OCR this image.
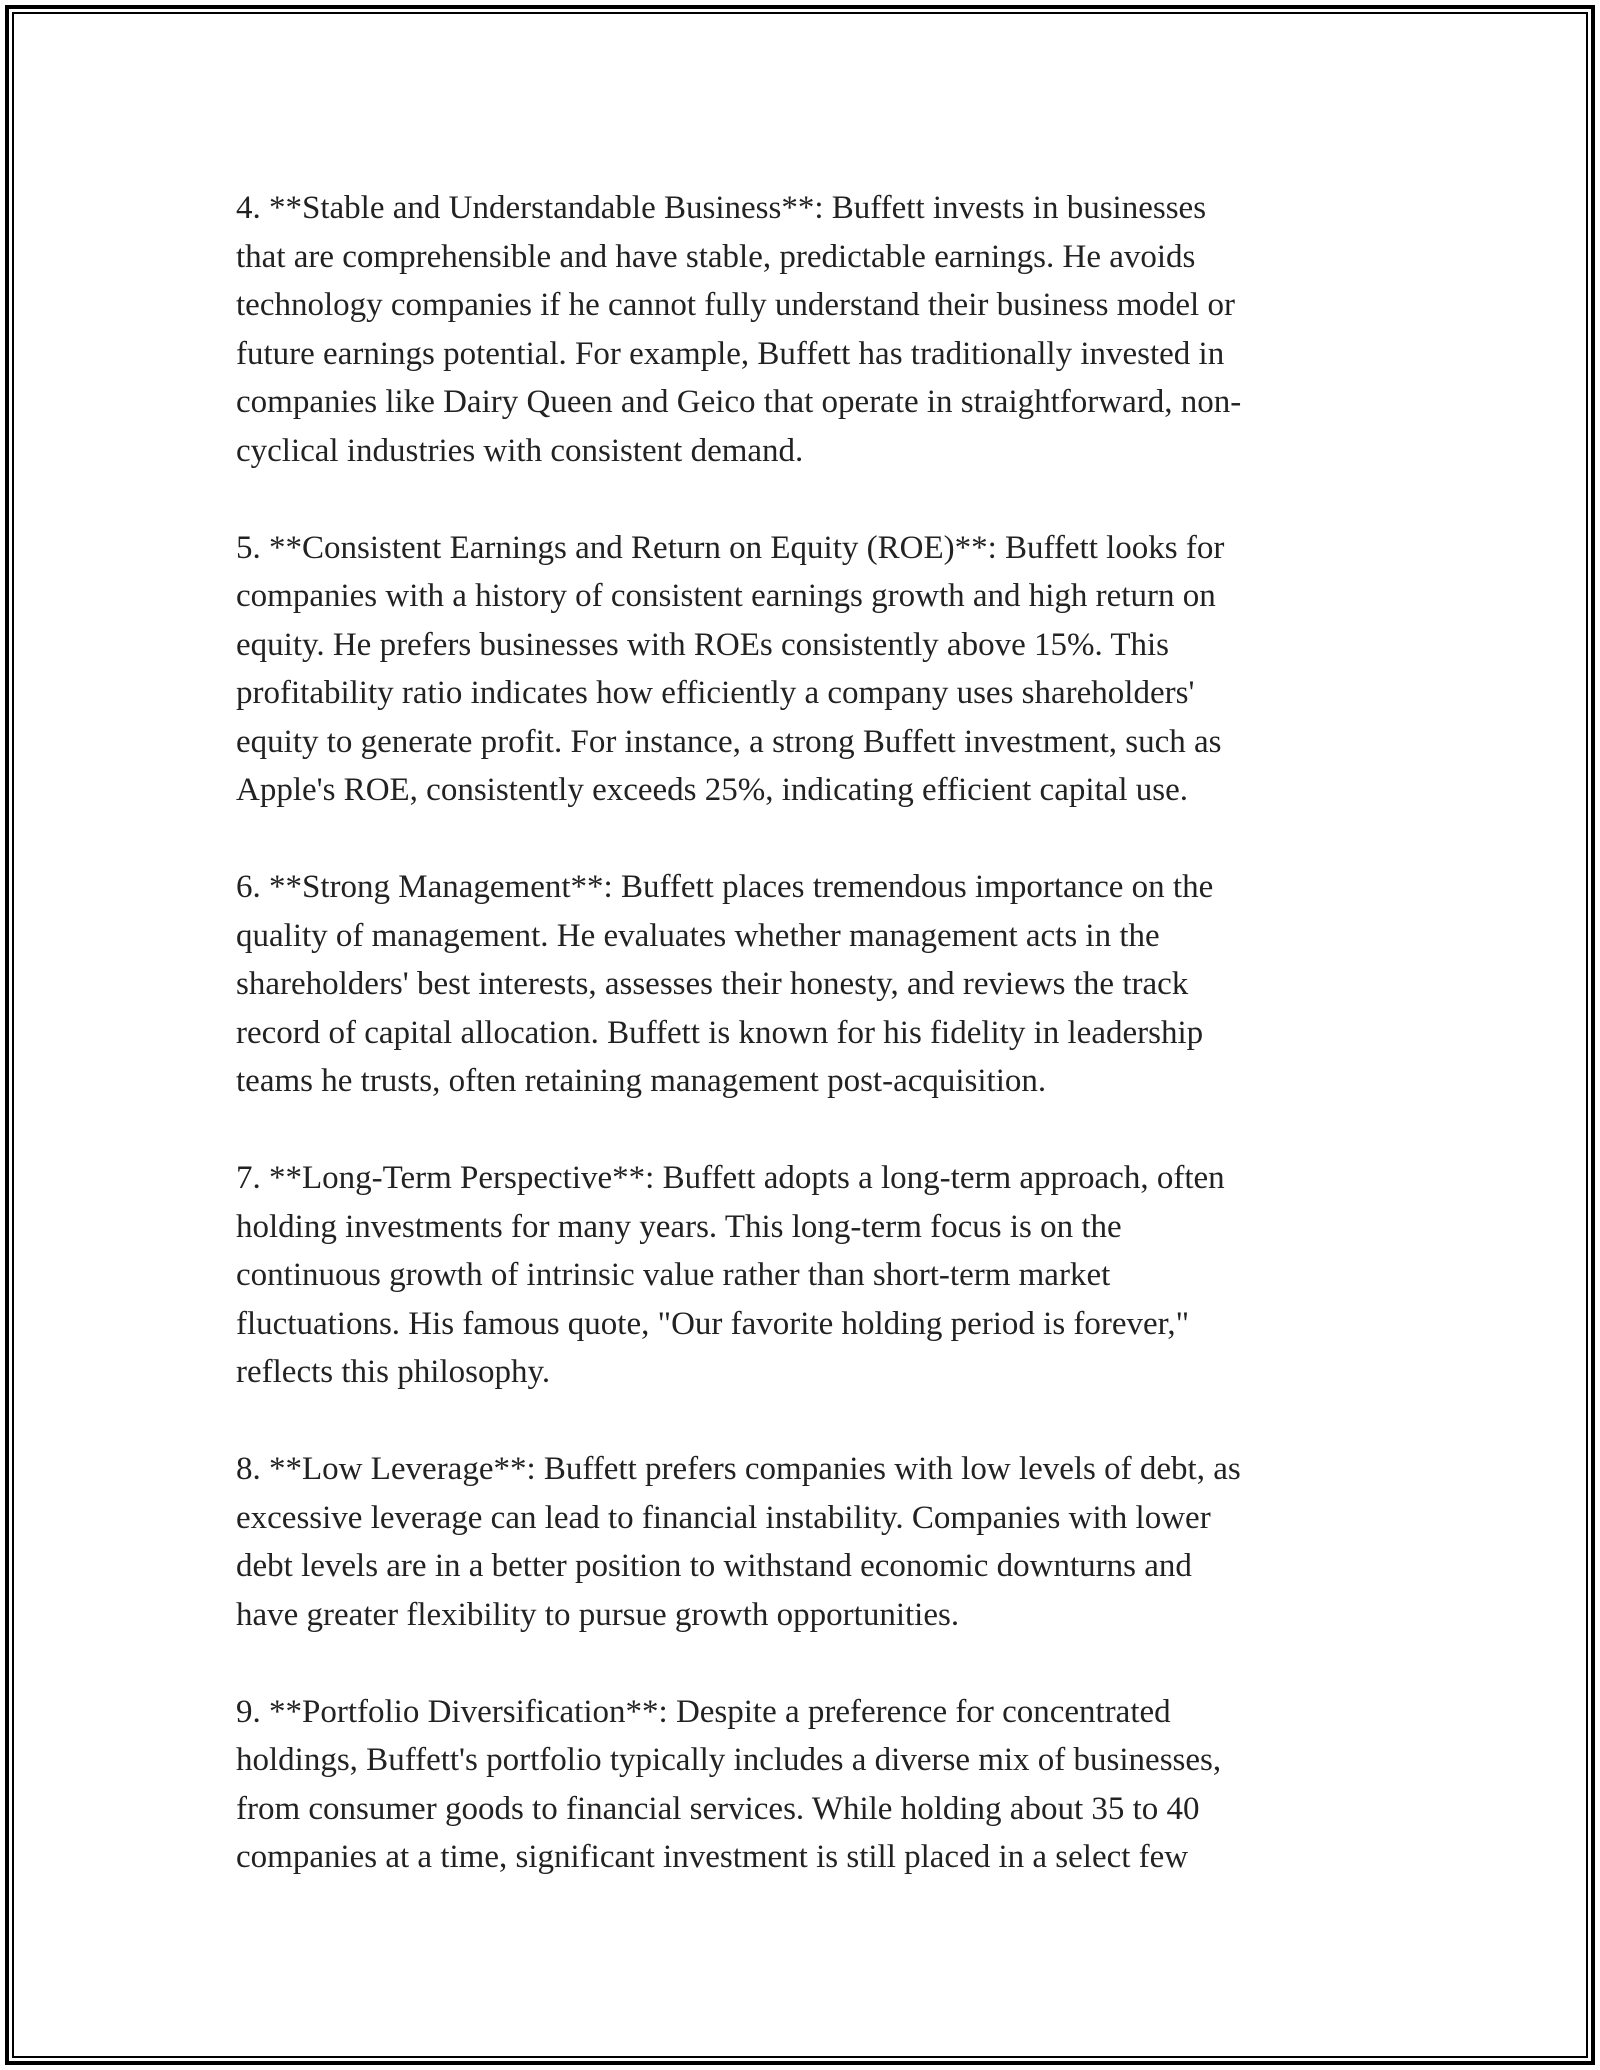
4. **Stable and Understandable Business**: Buffett invests in businesses
that are comprehensible and have stable, predictable earnings. He avoids
technology companies if he cannot fully understand their business model or
future earnings potential. For example, Buffett has traditionally invested in
companies like Dairy Queen and Geico that operate in straightforward, non-
cyclical industries with consistent demand.

5. **Consistent Earnings and Return on Equity (ROE)**: Buffett looks for
companies with a history of consistent earnings growth and high return on
equity. He prefers businesses with ROEs consistently above 15%. This
profitability ratio indicates how efficiently a company uses shareholders'
equity to generate profit. For instance, a strong Buffett investment, such as
Apple's ROE, consistently exceeds 25%, indicating efficient capital use.

6. **Strong Management**: Buffett places tremendous importance on the
quality of management. He evaluates whether management acts in the
shareholders' best interests, assesses their honesty, and reviews the track
record of capital allocation. Buffett is known for his fidelity in leadership
teams he trusts, often retaining management post-acquisition.

7. **Long-Term Perspective**: Buffett adopts a long-term approach, often
holding investments for many years. This long-term focus is on the
continuous growth of intrinsic value rather than short-term market
fluctuations. His famous quote, "Our favorite holding period is forever,"
reflects this philosophy.

8. **Low Leverage**: Buffett prefers companies with low levels of debt, as
excessive leverage can lead to financial instability. Companies with lower
debt levels are in a better position to withstand economic downturns and
have greater flexibility to pursue growth opportunities.

9. **Portfolio Diversification**: Despite a preference for concentrated
holdings, Buffett's portfolio typically includes a diverse mix of businesses,
from consumer goods to financial services. While holding about 35 to 40
companies at a time, significant investment is still placed in a select few
